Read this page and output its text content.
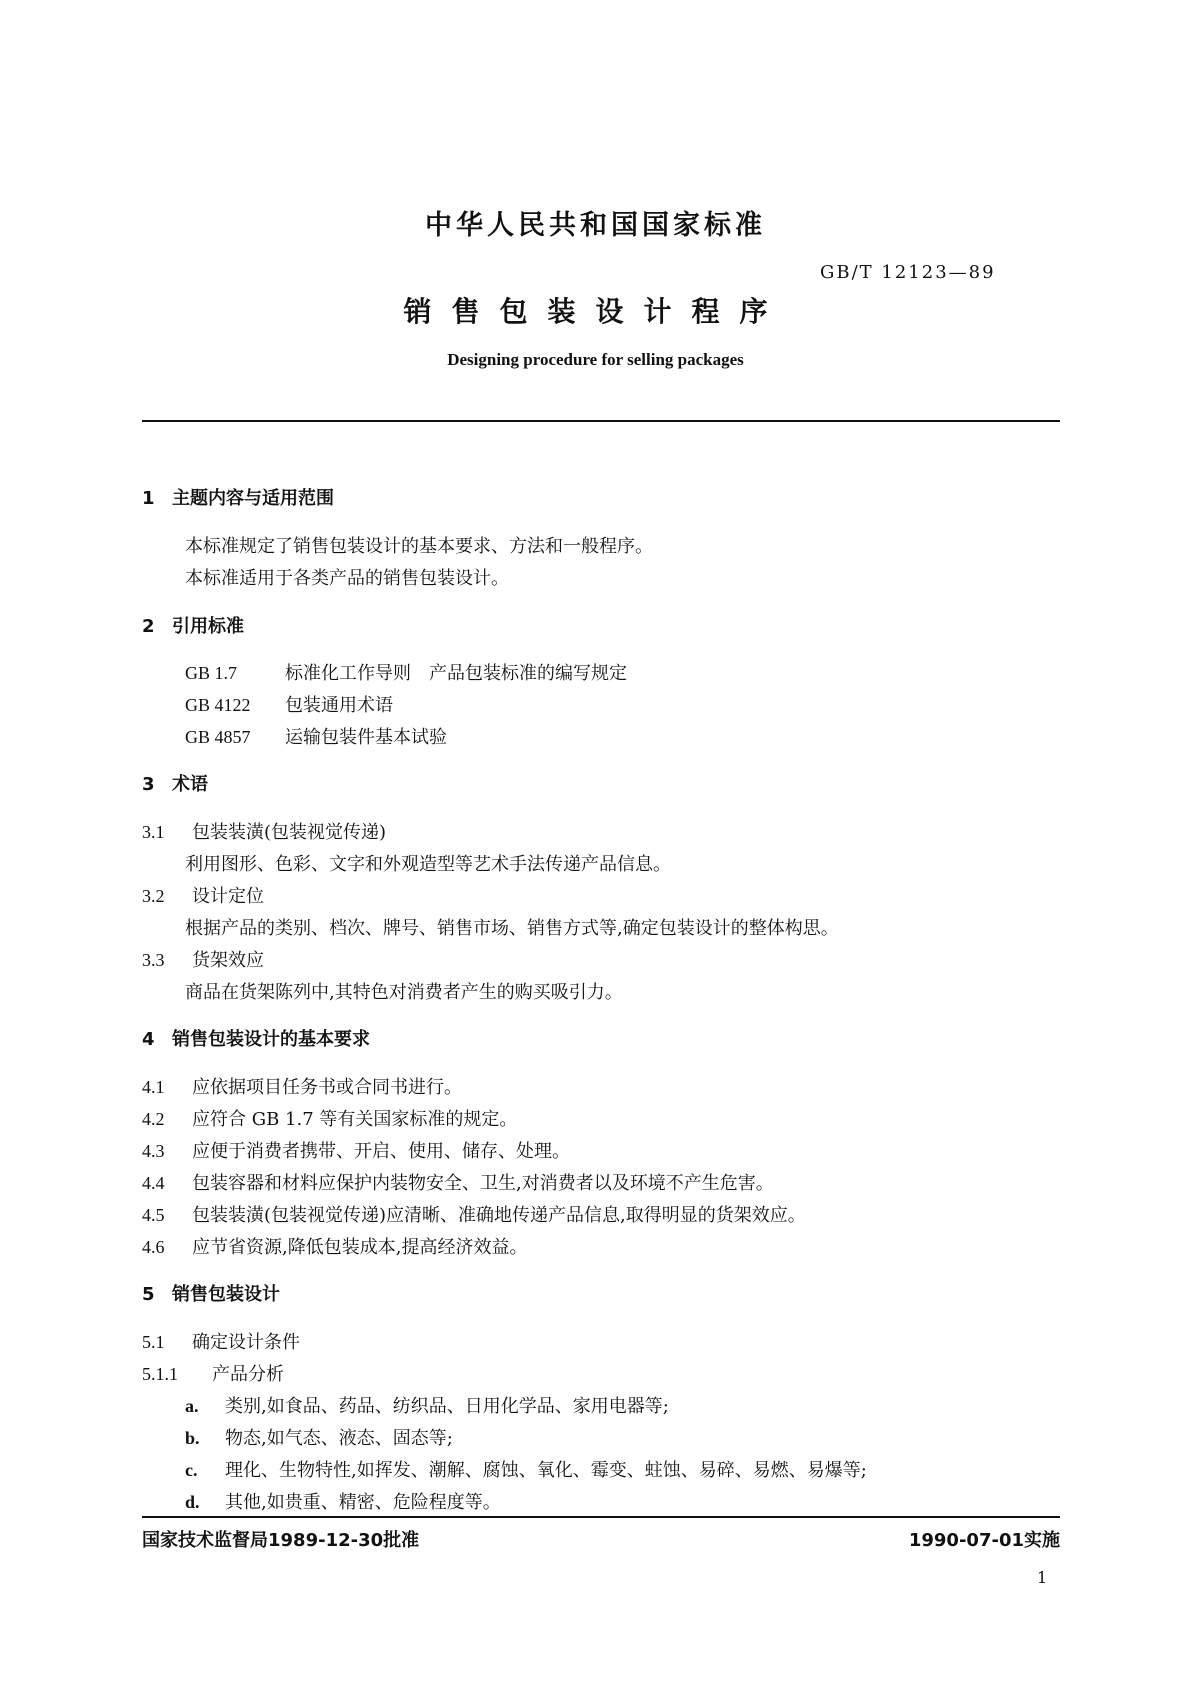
中华人民共和国国家标准
GB/T 12123—89
销售包装设计程序
Designing procedure for selling packages
1 主题内容与适用范围
本标准规定了销售包装设计的基本要求、方法和一般程序。
本标准适用于各类产品的销售包装设计。
2 引用标准
GB 1.7	标准化工作导则　产品包装标准的编写规定
GB 4122 包装通用术语
GB 4857 运输包装件基本试验
3 术语
3.1 包装装潢(包装视觉传递)
利用图形、色彩、文字和外观造型等艺术手法传递产品信息。
3.2 设计定位
根据产品的类别、档次、牌号、销售市场、销售方式等,确定包装设计的整体构思。
3.3 货架效应
商品在货架陈列中,其特色对消费者产生的购买吸引力。
4 销售包装设计的基本要求
4.1 应依据项目任务书或合同书进行。
4.2 应符合 GB 1.7 等有关国家标准的规定。
4.3 应便于消费者携带、开启、使用、储存、处理。
4.4 包装容器和材料应保护内装物安全、卫生,对消费者以及环境不产生危害。
4.5 包装装潢(包装视觉传递)应清晰、准确地传递产品信息,取得明显的货架效应。
4.6 应节省资源,降低包装成本,提高经济效益。
5 销售包装设计
5.1 确定设计条件
5.1.1 产品分析
a. 类别,如食品、药品、纺织品、日用化学品、家用电器等;
b. 物态,如气态、液态、固态等;
c. 理化、生物特性,如挥发、潮解、腐蚀、氧化、霉变、蛀蚀、易碎、易燃、易爆等;
d. 其他,如贵重、精密、危险程度等。
国家技术监督局1989-12-30批准	1990-07-01实施
1
